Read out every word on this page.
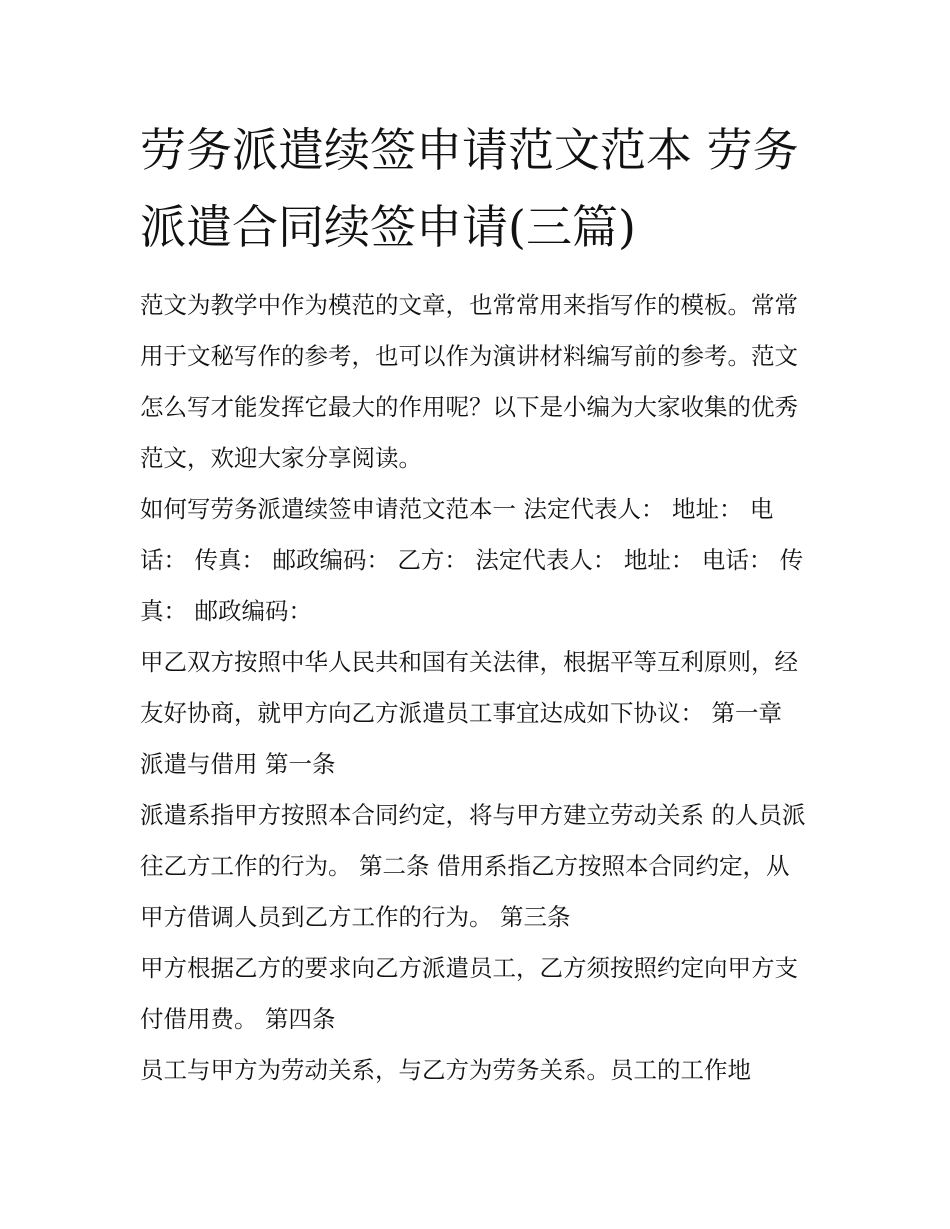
劳务派遣续签申请范文范本 劳务派遣合同续签申请(三篇)

范文为教学中作为模范的文章，也常常用来指写作的模板。常常用于文秘写作的参考，也可以作为演讲材料编写前的参考。范文怎么写才能发挥它最大的作用呢？以下是小编为大家收集的优秀范文，欢迎大家分享阅读。

如何写劳务派遣续签申请范文范本一 法定代表人： 地址： 电话： 传真： 邮政编码： 乙方： 法定代表人： 地址： 电话： 传真： 邮政编码：

甲乙双方按照中华人民共和国有关法律，根据平等互利原则，经友好协商，就甲方向乙方派遣员工事宜达成如下协议： 第一章 派遣与借用 第一条

派遣系指甲方按照本合同约定，将与甲方建立劳动关系 的人员派往乙方工作的行为。 第二条 借用系指乙方按照本合同约定，从甲方借调人员到乙方工作的行为。 第三条

甲方根据乙方的要求向乙方派遣员工，乙方须按照约定向甲方支付借用费。 第四条

员工与甲方为劳动关系，与乙方为劳务关系。员工的工作地
